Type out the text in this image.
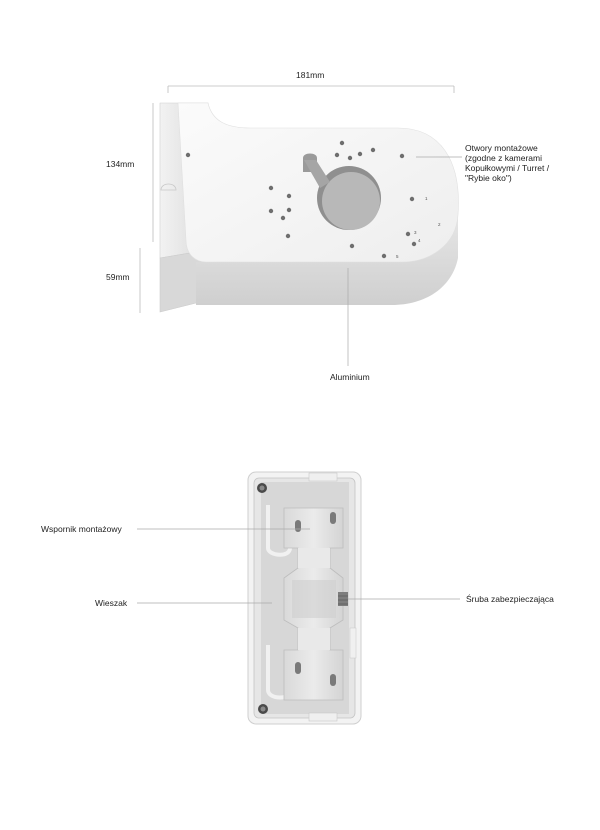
1
2
3
4
5
181mm
134mm
59mm
Otwory montażowe (zgodne z kamerami Kopułkowymi / Turret / "Rybie oko")
Aluminium
Wspornik montażowy
Wieszak	Śruba zabezpieczająca
